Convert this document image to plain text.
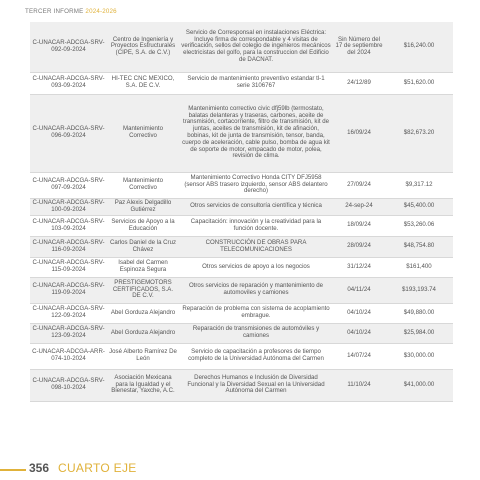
TERCER INFORME 2024-2026
C-UNACAR-ADCGA-SRV-092-09-2024	Centro de Ingeniería y Proyectos Estructurales (CIPE, S.A. de C.V.)	Servicio de Corresponsal en instalaciones Eléctrica: Incluye firma de correspondable y 4 visitas de verificación, sellos del colegio de ingenieros mecánicos electricistas del golfo, para la construccion del Edificio de DACNAT.	Sin Número del 17 de septiembre del 2024	$16,240.00
C-UNACAR-ADCGA-SRV-093-09-2024	HI-TEC CNC MEXICO, S.A. DE C.V.	Servicio de mantenimiento preventivo estandar tl-1 serie 3106767	24/12/89	$51,620.00
C-UNACAR-ADCGA-SRV-096-09-2024	Mantenimiento Correctivo	Mantenimiento correctivo civic dfj59lb (termostato, balatas delanteras y traseras, carbones, aceite de transmisión, cortacorriente, filtro de transmisión, kit de juntas, aceites de transmisión, kit de afinación, bobinas, kit de junta de transmisión, tensor, banda, cuerpo de aceleración, cable pulso, bomba de agua kit de soporte de motor, empacado de motor, polea, revisión de clima.	16/09/24	$82,673.20
C-UNACAR-ADCGA-SRV-097-09-2024	Mantenimiento Correctivo	Mantenimiento Correctivo Honda CITY DFJ5958 (sensor ABS trasero izquierdo, sensor ABS delantero derecho)	27/09/24	$9,317.12
C-UNACAR-ADCGA-SRV-100-09-2024	Paz Alexis Delgadillo Gutiérrez	Otros servicios de consultoría científica y técnica	24-sep-24	$45,400.00
C-UNACAR-ADCGA-SRV-103-09-2024	Servicios de Apoyo a la Educación	Capacitación: innovación y la creatividad para la función docente.	18/09/24	$53,260.06
C-UNACAR-ADCGA-SRV-116-09-2024	Carlos Daniel de la Cruz Chávez	CONSTRUCCIÓN DE OBRAS PARA TELECOMUNICACIONES	28/09/24	$48,754.80
C-UNACAR-ADCGA-SRV-115-09-2024	Isabel del Carmen Espinoza Segura	Otros servicios de apoyo a los negocios	31/12/24	$161,400
C-UNACAR-ADCGA-SRV-119-09-2024	PRESTIGEMOTORS CERTIFICADOS, S.A. DE C.V.	Otros servicios de reparación y mantenimiento de automoviles y camiones	04/11/24	$193,193.74
C-UNACAR-ADCGA-SRV-122-09-2024	Abel Gorduza Alejandro	Reparación de problema con sistema de acoplamiento embrague.	04/10/24	$49,880.00
C-UNACAR-ADCGA-SRV-123-09-2024	Abel Gorduza Alejandro	Reparación de transmisiones de automóviles y camiones	04/10/24	$25,984.00
C-UNACAR-ADCGA-ARR-074-10-2024	José Alberto Ramírez De León	Servicio de capacitación a profesores de tiempo completo de la Universidad Autónoma del Carmen	14/07/24	$30,000.00
C-UNACAR-ADCGA-SRV-098-10-2024	Asociación Mexicana para la Igualdad y el Bienestar, Yaxche, A.C.	Derechos Humanos e Inclusión de Diversidad Funcional y la Diversidad Sexual en la Universidad Autónoma del Carmen	11/10/24	$41,000.00
356 CUARTO EJE
